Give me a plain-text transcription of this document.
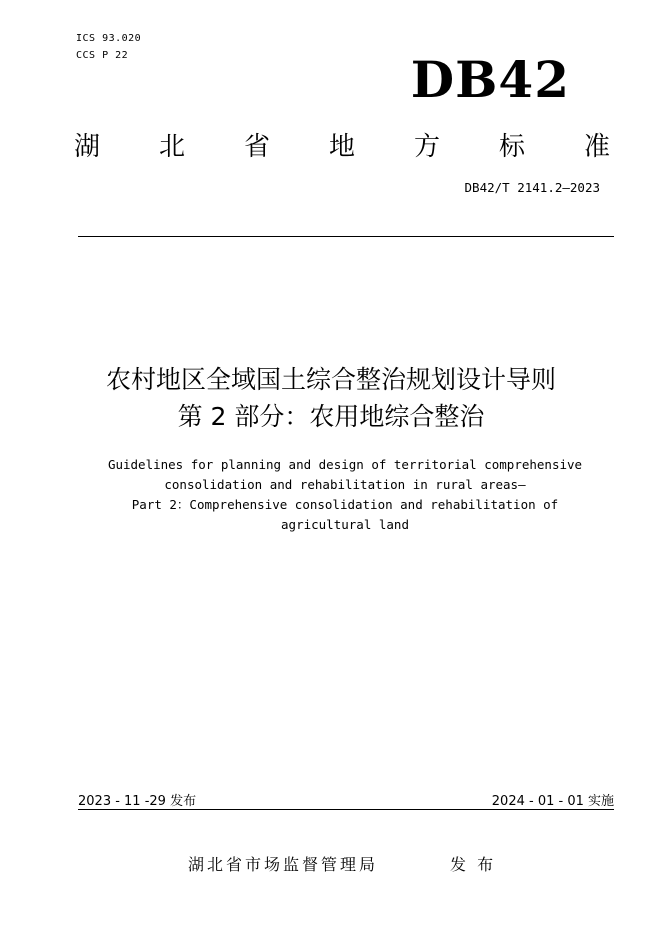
ICS 93.020
CCS P 22	DB42
湖 北 省 地 方 标 准
DB42/T 2141.2—2023
农村地区全域国土综合整治规划设计导则
第 2 部分：农用地综合整治
Guidelines for planning and design of territorial comprehensive
consolidation and rehabilitation in rural areas—
Part 2：Comprehensive consolidation and rehabilitation of
agricultural land
2023 - 11 -29 发布	2024 - 01 - 01 实施
湖北省市场监督管理局	发 布
